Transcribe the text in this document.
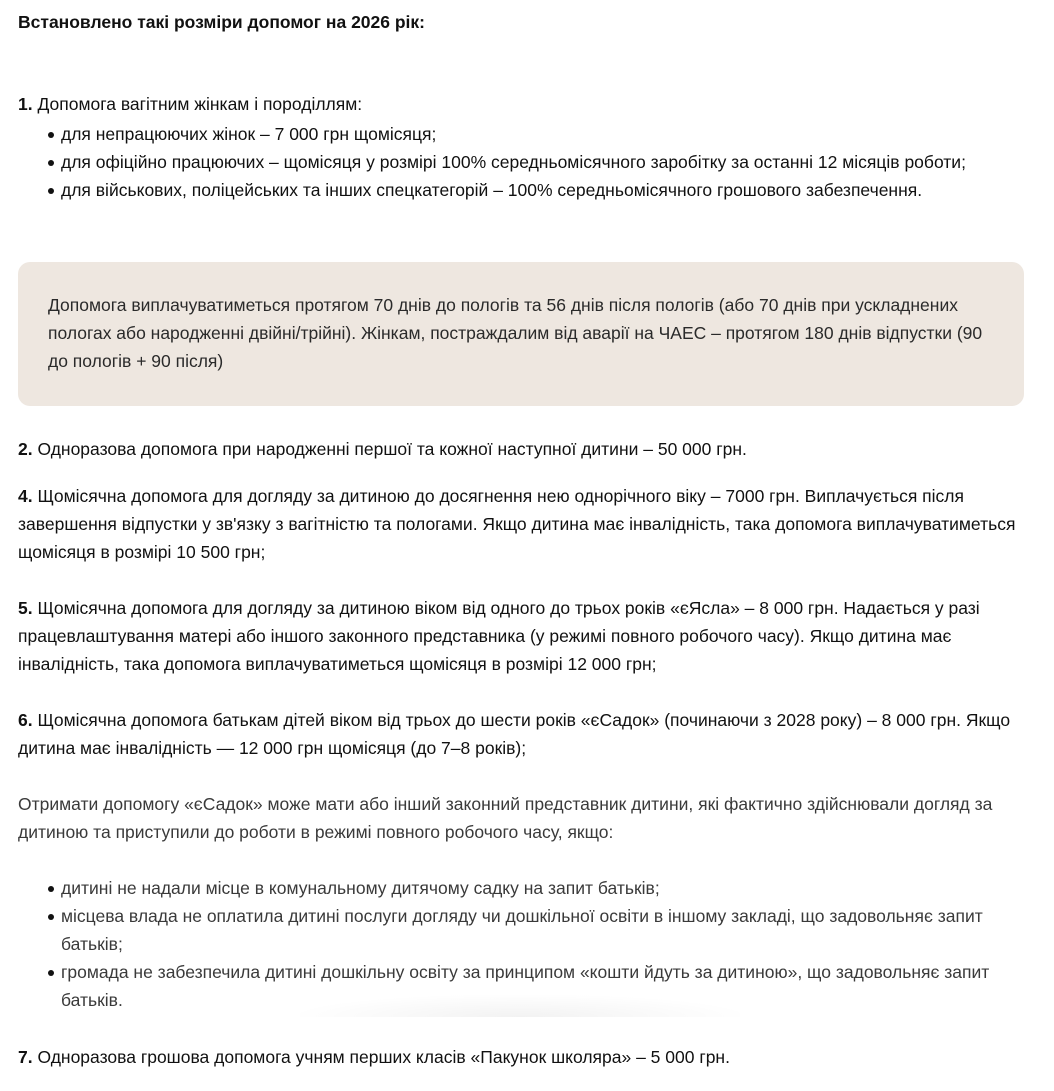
Встановлено такі розміри допомог на 2026 рік:

1. Допомога вагітним жінкам і породіллям:

для непрацюючих жінок – 7 000 грн щомісяця;
для офіційно працюючих – щомісяця у розмірі 100% середньомісячного заробітку за останні 12 місяців роботи;
для військових, поліцейських та інших спецкатегорій – 100% середньомісячного грошового забезпечення.

Допомога виплачуватиметься протягом 70 днів до пологів та 56 днів після пологів (або 70 днів при ускладнених пологах або народженні двійні/трійні). Жінкам, постраждалим від аварії на ЧАЕС – протягом 180 днів відпустки (90 до пологів + 90 після)

2. Одноразова допомога при народженні першої та кожної наступної дитини – 50 000 грн.

4. Щомісячна допомога для догляду за дитиною до досягнення нею однорічного віку – 7000 грн. Виплачується після завершення відпустки у зв'язку з вагітністю та пологами. Якщо дитина має інвалідність, така допомога виплачуватиметься щомісяця в розмірі 10 500 грн;

5. Щомісячна допомога для догляду за дитиною віком від одного до трьох років «єЯсла» – 8 000 грн. Надається у разі працевлаштування матері або іншого законного представника (у режимі повного робочого часу). Якщо дитина має інвалідність, така допомога виплачуватиметься щомісяця в розмірі 12 000 грн;

6. Щомісячна допомога батькам дітей віком від трьох до шести років «єСадок» (починаючи з 2028 року) – 8 000 грн. Якщо дитина має інвалідність — 12 000 грн щомісяця (до 7–8 років);

Отримати допомогу «єСадок» може мати або інший законний представник дитини, які фактично здійснювали догляд за дитиною та приступили до роботи в режимі повного робочого часу, якщо:

дитині не надали місце в комунальному дитячому садку на запит батьків;
місцева влада не оплатила дитині послуги догляду чи дошкільної освіти в іншому закладі, що задовольняє запит батьків;
громада не забезпечила дитині дошкільну освіту за принципом «кошти йдуть за дитиною», що задовольняє запит батьків.

7. Одноразова грошова допомога учням перших класів «Пакунок школяра» – 5 000 грн.
